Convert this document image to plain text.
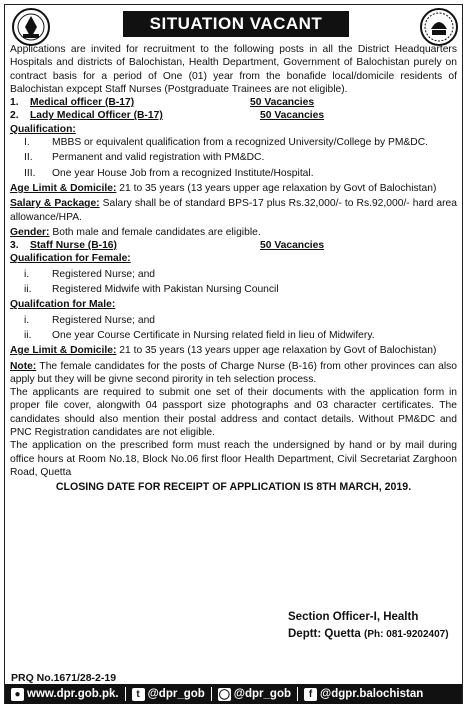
SITUATION VACANT

Applications are invited for recruitment to the following posts in all the District Headquarters Hospitals and districts of Balochistan, Health Department, Government of Balochistan purely on contract basis for a period of One (01) year from the bonafide local/domicile residents of Balochistan expcept Staff Nurses (Postgraduate Trainees are not eligible).

1.	Medical officer (B-17)	50 Vacancies
2.	Lady Medical Officer (B-17)	50 Vacancies
Qualification:
I.	MBBS or equivalent qualification from a recognized University/College by PM&DC.
II.	Permanent and valid registration with PM&DC.
III.	One year House Job from a recognized Institute/Hospital.

Age Limit & Domicile: 21 to 35 years (13 years upper age relaxation by Govt of Balochistan)

Salary & Package: Salary shall be of standard BPS-17 plus Rs.32,000/- to Rs.92,000/- hard area allowance/HPA.

Gender: Both male and female candidates are eligible.

3.	Staff Nurse (B-16)	50 Vacancies
Qualification for Female:
i.	Registered Nurse; and
ii.	Registered Midwife with Pakistan Nursing Council
Qualifcation for Male:
i.	Registered Nurse; and
ii.	One year Course Certificate in Nursing related field in lieu of Midwifery.

Age Limit & Domicile: 21 to 35 years (13 years upper age relaxation by Govt of Balochistan)

Note: The female candidates for the posts of Charge Nurse (B-16) from other provinces can also apply but they will be givne second pirority in teh selection process.

The applicants are required to submit one set of their documents with the application form in proper file cover, alongwith 04 passport size photographs and 03 character certificates. The candidates should also mention their postal address and contact details. Without PM&DC and PNC Registration candidates are not eligible.

The application on the prescribed form must reach the undersigned by hand or by mail during office hours at Room No.18, Block No.06 first floor Health Department, Civil Secretariat Zarghoon Road, Quetta

CLOSING DATE FOR RECEIPT OF APPLICATION IS 8TH MARCH, 2019.
Section Officer-I, Health
Deptt: Quetta (Ph: 081-9202407)
PRQ No.1671/28-2-19
● www.dpr.gob.pk.	t @dpr_gob ◯ @dpr_gob	f @dgpr.balochistan
